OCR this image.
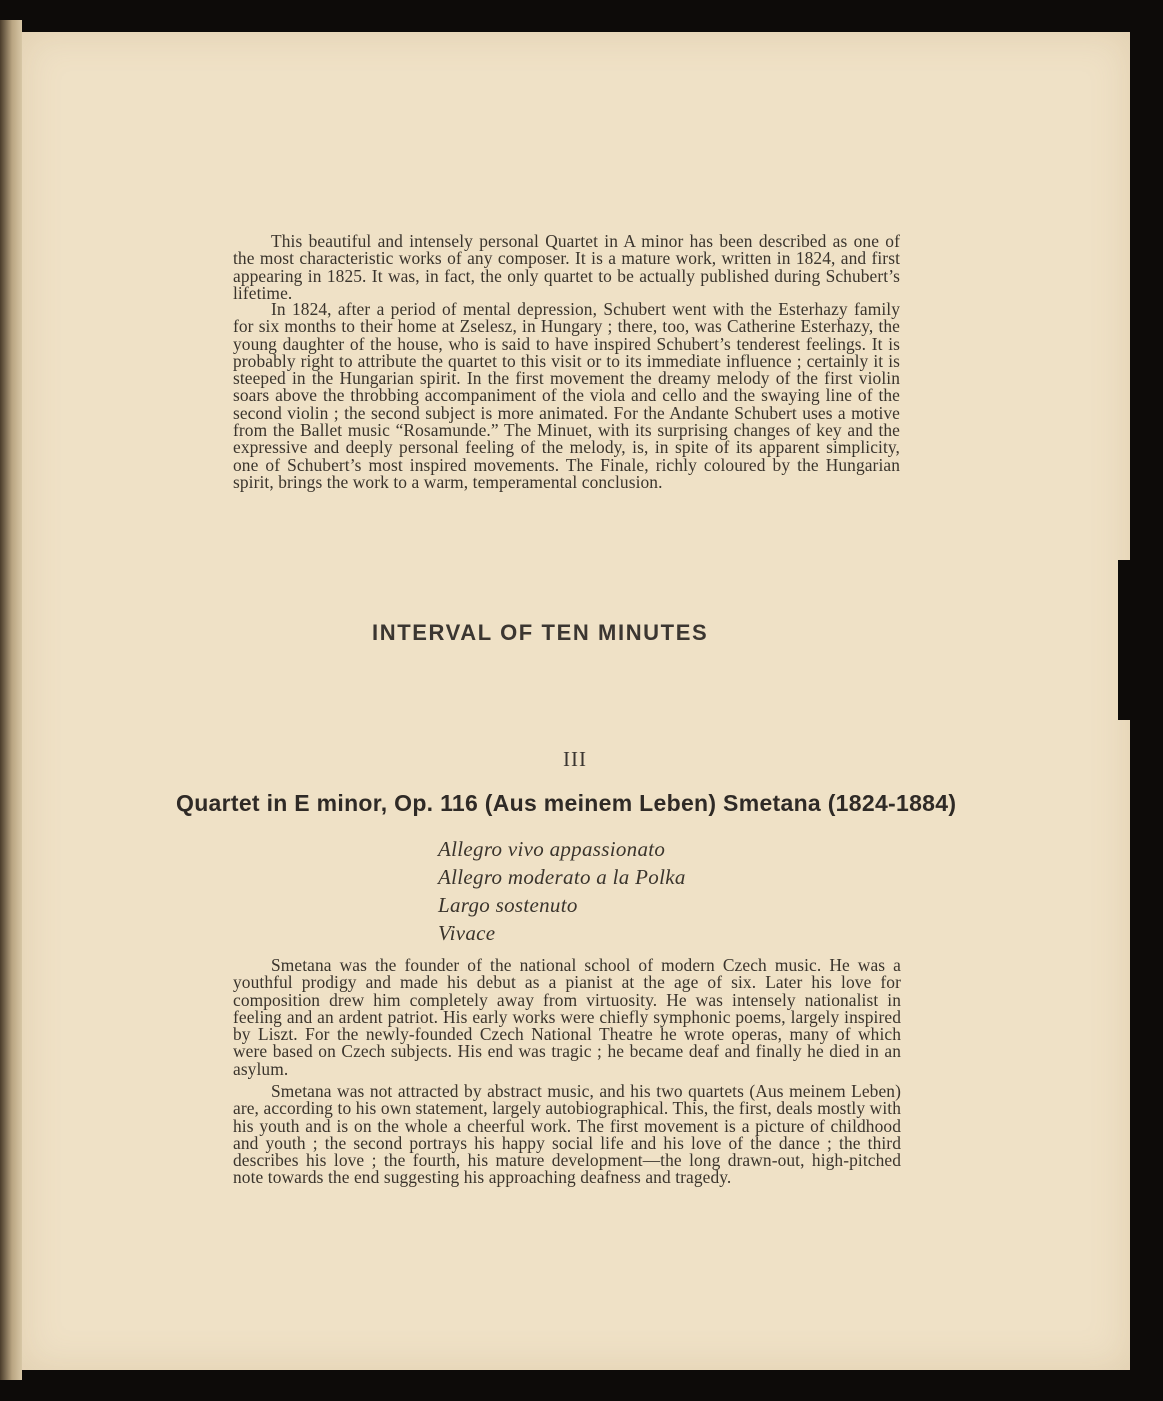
This beautiful and intensely personal Quartet in A minor has been described as one of the most characteristic works of any composer. It is a mature work, written in 1824, and first appearing in 1825. It was, in fact, the only quartet to be actually published during Schubert’s lifetime.

In 1824, after a period of mental depression, Schubert went with the Esterhazy family for six months to their home at Zselesz, in Hungary ; there, too, was Catherine Esterhazy, the young daughter of the house, who is said to have inspired Schubert’s tenderest feelings. It is probably right to attribute the quartet to this visit or to its immediate influence ; certainly it is steeped in the Hungarian spirit. In the first movement the dreamy melody of the first violin soars above the throbbing accompaniment of the viola and cello and the swaying line of the second violin ; the second subject is more animated. For the Andante Schubert uses a motive from the Ballet music “Rosamunde.” The Minuet, with its surprising changes of key and the expressive and deeply personal feeling of the melody, is, in spite of its apparent simplicity, one of Schubert’s most inspired movements. The Finale, richly coloured by the Hungarian spirit, brings the work to a warm, temperamental conclusion.

INTERVAL OF TEN MINUTES
III
Quartet in E minor, Op. 116 (Aus meinem Leben) Smetana (1824-1884)
Allegro vivo appassionato
Allegro moderato a la Polka
Largo sostenuto
Vivace

Smetana was the founder of the national school of modern Czech music. He was a youthful prodigy and made his debut as a pianist at the age of six. Later his love for composition drew him completely away from virtuosity. He was intensely nationalist in feeling and an ardent patriot. His early works were chiefly symphonic poems, largely inspired by Liszt. For the newly-founded Czech National Theatre he wrote operas, many of which were based on Czech subjects. His end was tragic ; he became deaf and finally he died in an asylum.

Smetana was not attracted by abstract music, and his two quartets (Aus meinem Leben) are, according to his own statement, largely autobiographical. This, the first, deals mostly with his youth and is on the whole a cheerful work. The first movement is a picture of childhood and youth ; the second portrays his happy social life and his love of the dance ; the third describes his love ; the fourth, his mature development—the long drawn-out, high-pitched note towards the end suggesting his approaching deafness and tragedy.
